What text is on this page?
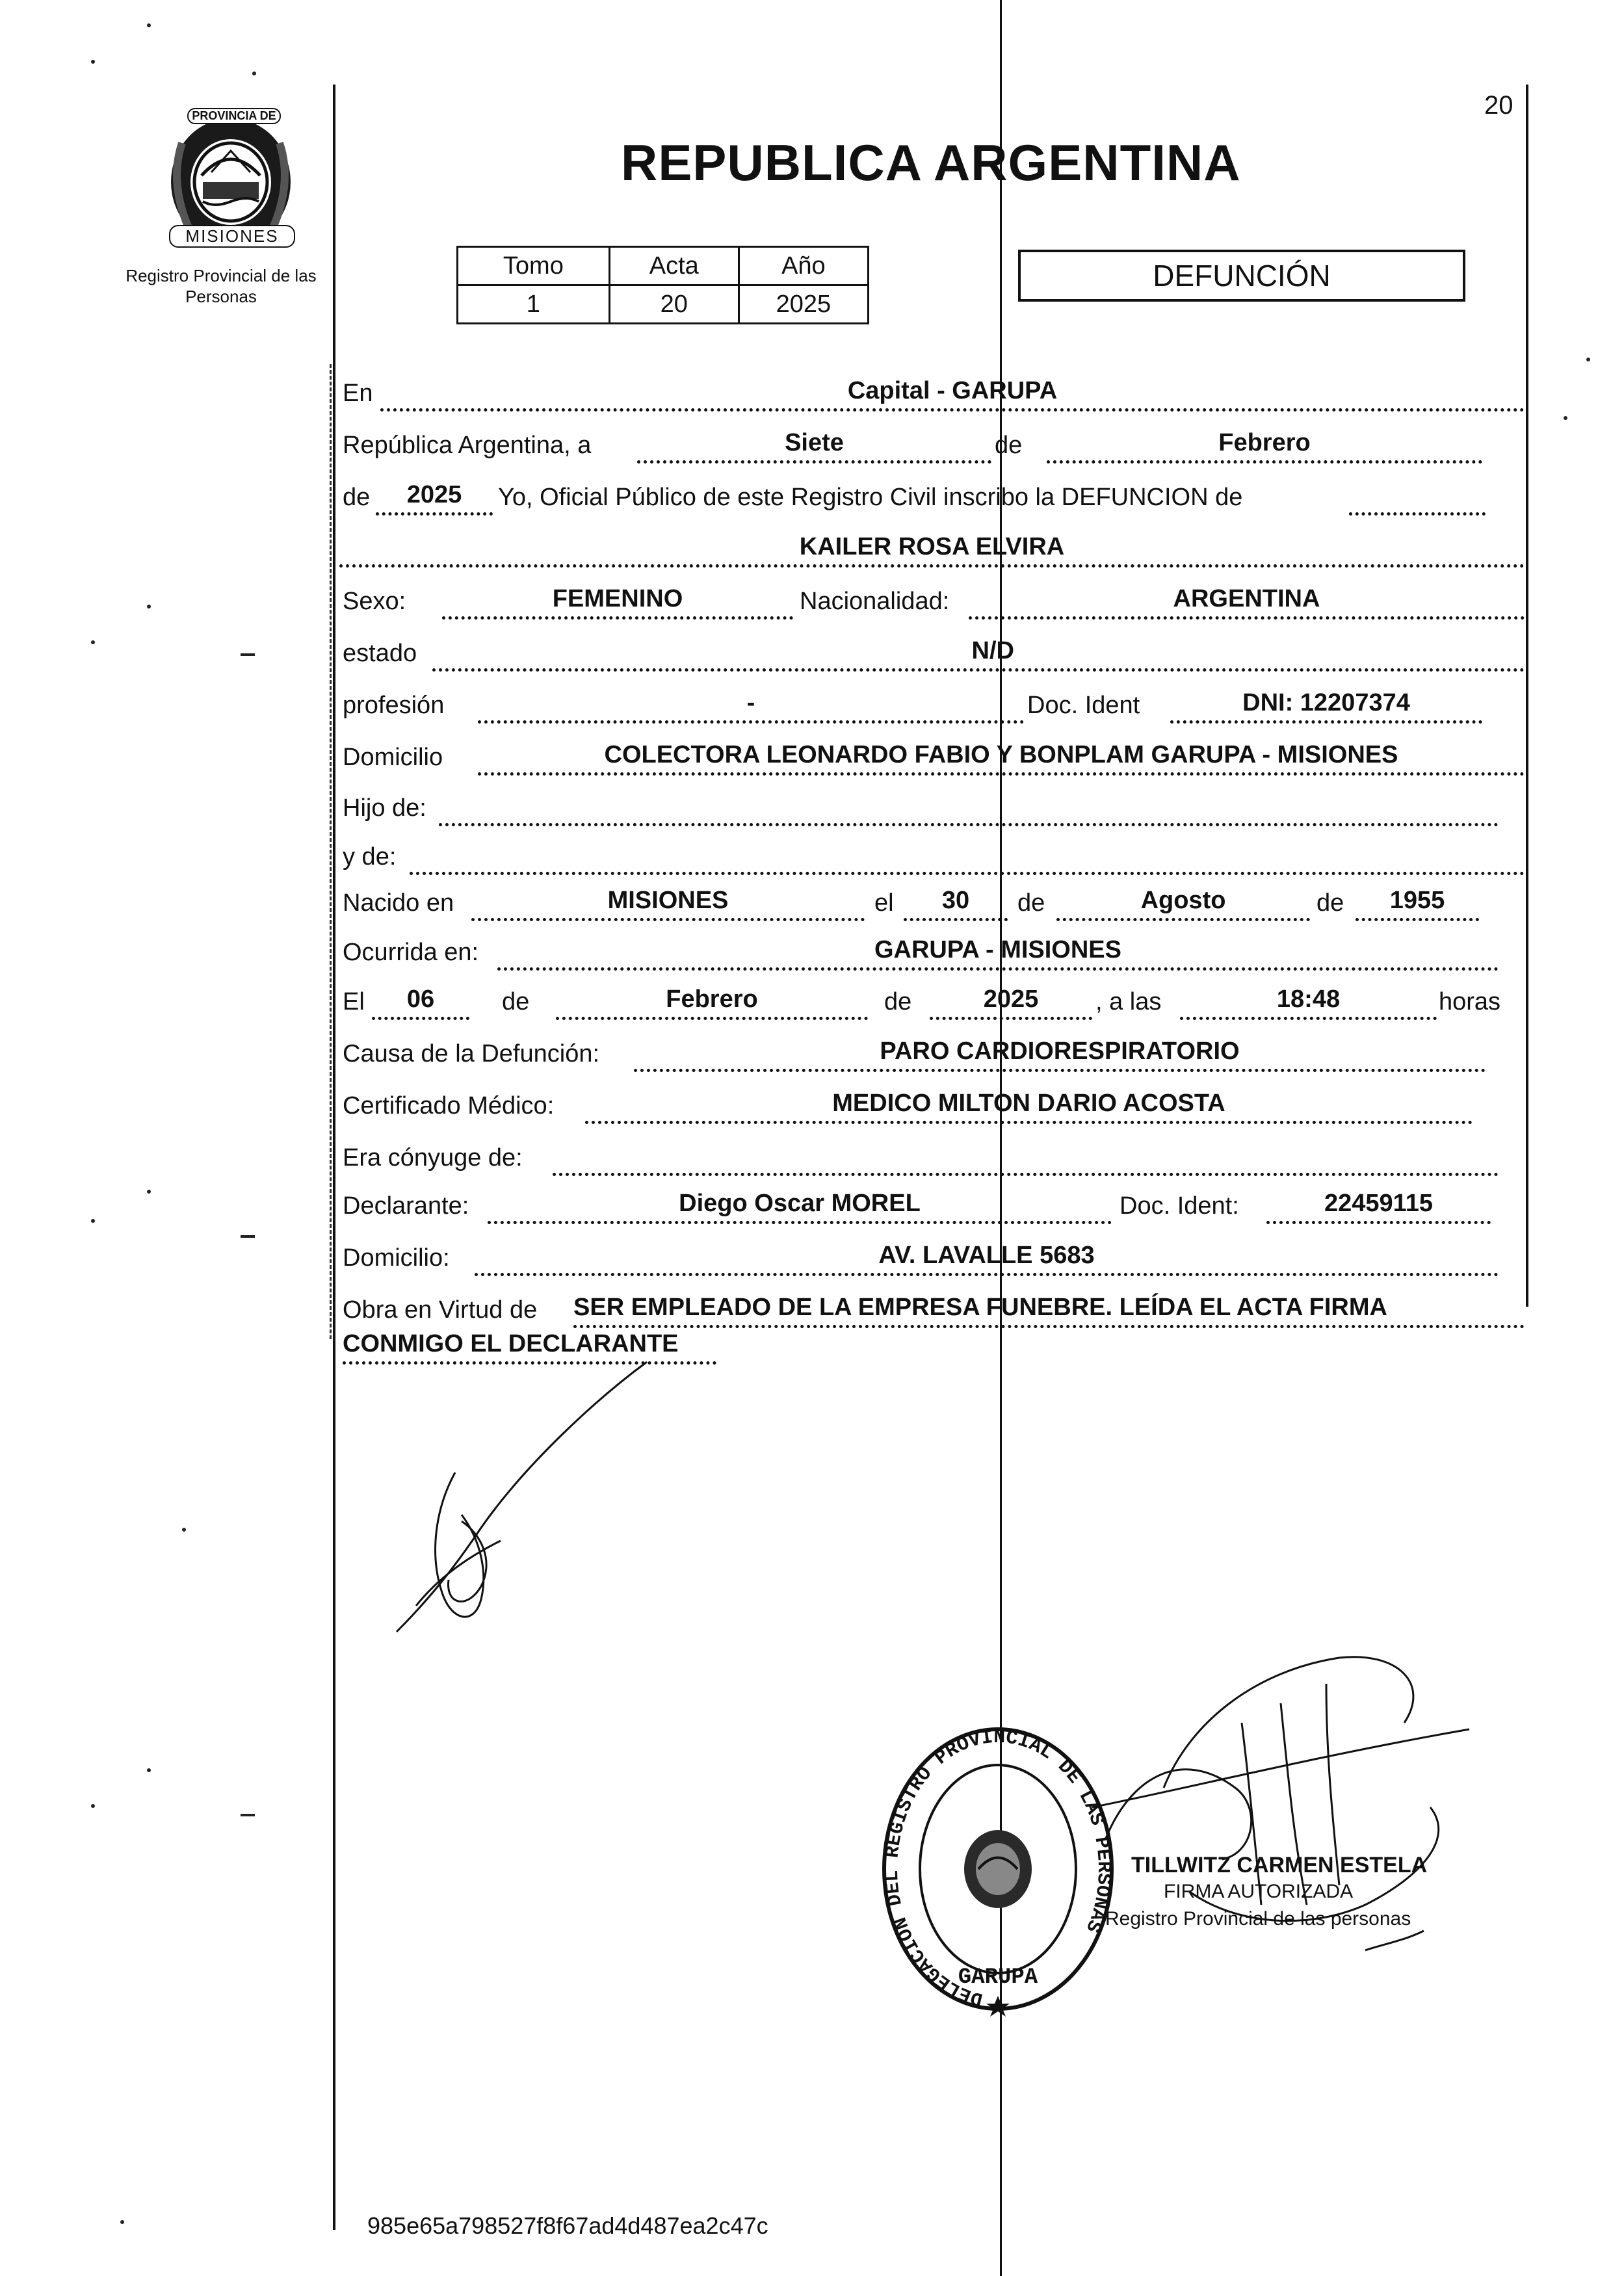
PROVINCIA DE
MISIONES
Registro Provincial de las Personas
REPUBLICA ARGENTINA
20
Tomo	Acta	Año
1	20	2025
DEFUNCIÓN
En	Capital - GARUPA
República Argentina, a	Siete	de	Febrero
de	2025	Yo, Oficial Público de este Registro Civil inscribo la DEFUNCION de
KAILER ROSA ELVIRA
Sexo:	FEMENINO	Nacionalidad:	ARGENTINA
estado	N/D
profesión	-	Doc. Ident	DNI: 12207374
Domicilio	COLECTORA LEONARDO FABIO Y BONPLAM GARUPA - MISIONES
Hijo de:
y de:
Nacido en	MISIONES	el	30	de	Agosto	de	1955
Ocurrida en:	GARUPA - MISIONES
El	06	de	Febrero	de	2025	, a las	18:48	horas
Causa de la Defunción:	PARO CARDIORESPIRATORIO
Certificado Médico:	MEDICO MILTON DARIO ACOSTA
Era cónyuge de:
Declarante:	Diego Oscar MOREL	Doc. Ident:	22459115
Domicilio:	AV. LAVALLE 5683
Obra en Virtud de SER EMPLEADO DE LA EMPRESA FUNEBRE. LEÍDA EL ACTA FIRMA
CONMIGO EL DECLARANTE
DELEGACION DEL REGISTRO PROVINCIAL DE LAS PERSONAS
GARUPA
TILLWITZ CARMEN ESTELA
FIRMA AUTORIZADA
Registro Provincial de las personas
985e65a798527f8f67ad4d487ea2c47c
